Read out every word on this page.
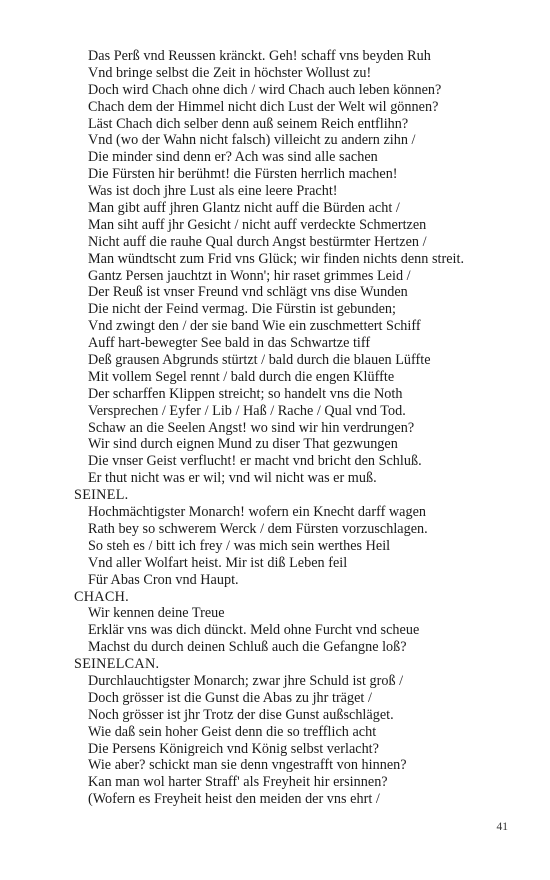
Das Perß vnd Reussen kränckt. Geh! schaff vns beyden Ruh
Vnd bringe selbst die Zeit in höchster Wollust zu!
Doch wird Chach ohne dich / wird Chach auch leben können?
Chach dem der Himmel nicht dich Lust der Welt wil gönnen?
Läst Chach dich selber denn auß seinem Reich entflihn?
Vnd (wo der Wahn nicht falsch) villeicht zu andern zihn /
Die minder sind denn er? Ach was sind alle sachen
Die Fürsten hir berühmt! die Fürsten herrlich machen!
Was ist doch jhre Lust als eine leere Pracht!
Man gibt auff jhren Glantz nicht auff die Bürden acht /
Man siht auff jhr Gesicht / nicht auff verdeckte Schmertzen
Nicht auff die rauhe Qual durch Angst bestürmter Hertzen /
Man wündtscht zum Frid vns Glück; wir finden nichts denn streit.
Gantz Persen jauchtzt in Wonn'; hir raset grimmes Leid /
Der Reuß ist vnser Freund vnd schlägt vns dise Wunden
Die nicht der Feind vermag. Die Fürstin ist gebunden;
Vnd zwingt den / der sie band Wie ein zuschmettert Schiff
Auff hart-bewegter See bald in das Schwartze tiff
Deß grausen Abgrunds stürtzt / bald durch die blauen Lüffte
Mit vollem Segel rennt / bald durch die engen Klüffte
Der scharffen Klippen streicht; so handelt vns die Noth
Versprechen / Eyfer / Lib / Haß / Rache / Qual vnd Tod.
Schaw an die Seelen Angst! wo sind wir hin verdrungen?
Wir sind durch eignen Mund zu diser That gezwungen
Die vnser Geist verflucht! er macht vnd bricht den Schluß.
Er thut nicht was er wil; vnd wil nicht was er muß.
SEINEL.
Hochmächtigster Monarch! wofern ein Knecht darff wagen
Rath bey so schwerem Werck / dem Fürsten vorzuschlagen.
So steh es / bitt ich frey / was mich sein werthes Heil
Vnd aller Wolfart heist. Mir ist diß Leben feil
Für Abas Cron vnd Haupt.
CHACH.
Wir kennen deine Treue
Erklär vns was dich dünckt. Meld ohne Furcht vnd scheue
Machst du durch deinen Schluß auch die Gefangne loß?
SEINELCAN.
Durchlauchtigster Monarch; zwar jhre Schuld ist groß /
Doch grösser ist die Gunst die Abas zu jhr träget /
Noch grösser ist jhr Trotz der dise Gunst außschläget.
Wie daß sein hoher Geist denn die so trefflich acht
Die Persens Königreich vnd König selbst verlacht?
Wie aber? schickt man sie denn vngestrafft von hinnen?
Kan man wol harter Straff' als Freyheit hir ersinnen?
(Wofern es Freyheit heist den meiden der vns ehrt /
41
